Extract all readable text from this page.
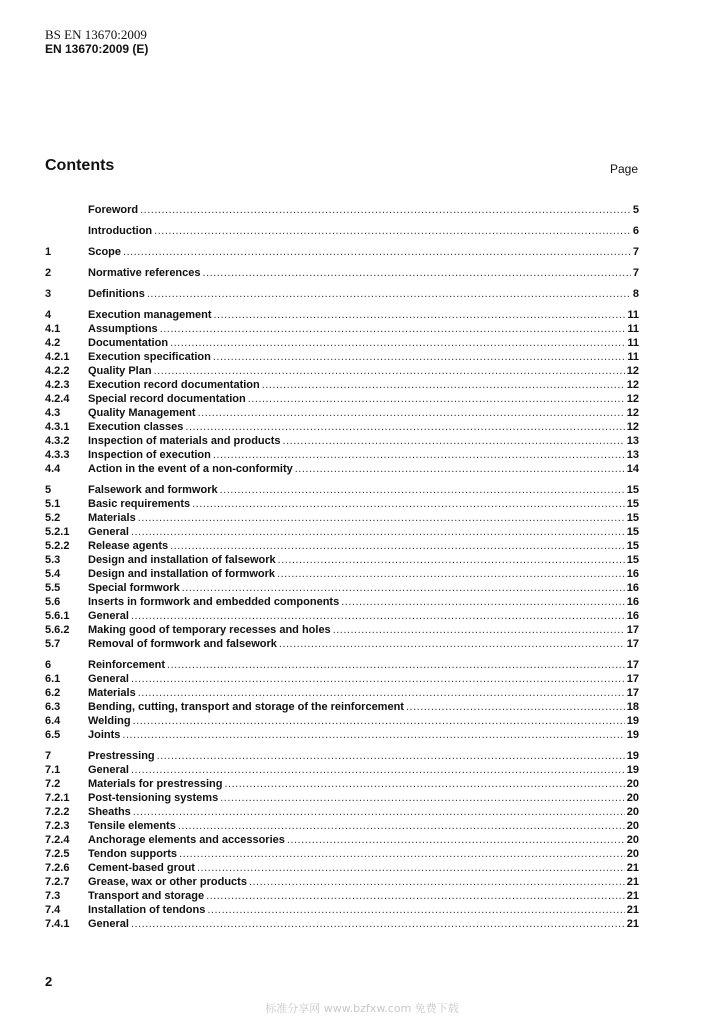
BS EN 13670:2009
EN 13670:2009 (E)
Contents	Page
Foreword .....	5
Introduction .....	6
1	Scope .....	7
2	Normative references .....	7
3	Definitions .....	8
4	Execution management .....	11
4.1	Assumptions .....	11
4.2	Documentation .....	11
4.2.1	Execution specification .....	11
4.2.2	Quality Plan .....	12
4.2.3	Execution record documentation .....	12
4.2.4	Special record documentation .....	12
4.3	Quality Management .....	12
4.3.1	Execution classes .....	12
4.3.2	Inspection of materials and products .....	13
4.3.3	Inspection of execution .....	13
4.4	Action in the event of a non-conformity .....	14
5	Falsework and formwork .....	15
5.1	Basic requirements .....	15
5.2	Materials .....	15
5.2.1	General .....	15
5.2.2	Release agents .....	15
5.3	Design and installation of falsework .....	15
5.4	Design and installation of formwork .....	16
5.5	Special formwork .....	16
5.6	Inserts in formwork and embedded components .....	16
5.6.1	General .....	16
5.6.2	Making good of temporary recesses and holes .....	17
5.7	Removal of formwork and falsework .....	17
6	Reinforcement .....	17
6.1	General .....	17
6.2	Materials .....	17
6.3	Bending, cutting, transport and storage of the reinforcement .....	18
6.4	Welding .....	19
6.5	Joints .....	19
7	Prestressing .....	19
7.1	General .....	19
7.2	Materials for prestressing .....	20
7.2.1	Post-tensioning systems .....	20
7.2.2	Sheaths .....	20
7.2.3	Tensile elements .....	20
7.2.4	Anchorage elements and accessories .....	20
7.2.5	Tendon supports .....	20
7.2.6	Cement-based grout .....	21
7.2.7	Grease, wax or other products .....	21
7.3	Transport and storage .....	21
7.4	Installation of tendons .....	21
7.4.1	General .....	21
2
标准分享网 www.bzfxw.com 免费下载
